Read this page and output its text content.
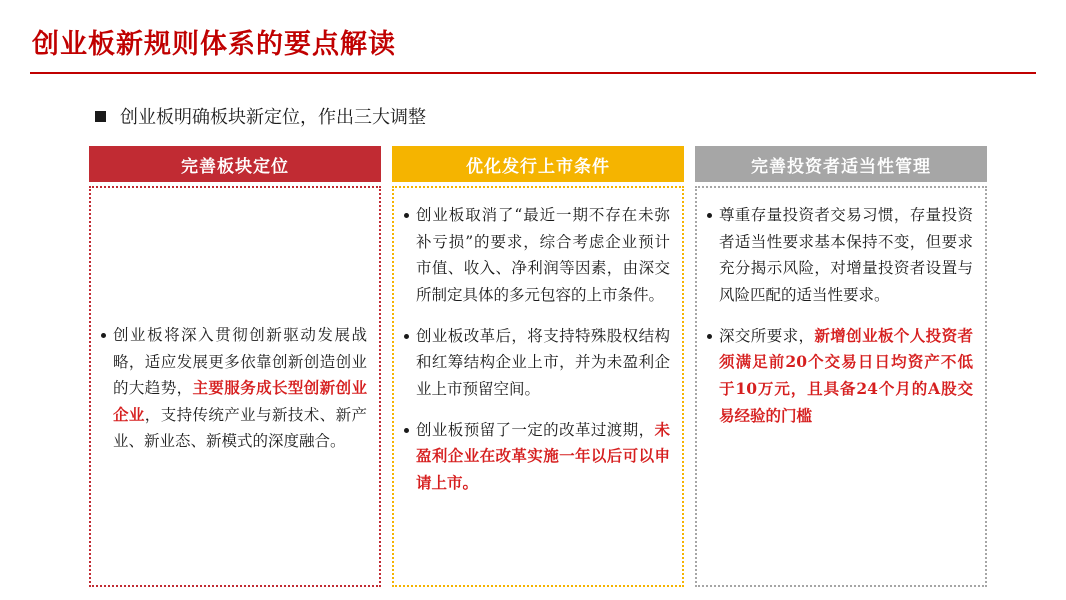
创业板新规则体系的要点解读
创业板明确板块新定位，作出三大调整
完善板块定位
创业板将深入贯彻创新驱动发展战略，适应发展更多依靠创新创造创业的大趋势，主要服务成长型创新创业企业，支持传统产业与新技术、新产业、新业态、新模式的深度融合。
优化发行上市条件
创业板取消了“最近一期不存在未弥补亏损”的要求，综合考虑企业预计市值、收入、净利润等因素，由深交所制定具体的多元包容的上市条件。
创业板改革后，将支持特殊股权结构和红筹结构企业上市，并为未盈利企业上市预留空间。
创业板预留了一定的改革过渡期，未盈利企业在改革实施一年以后可以申请上市。
完善投资者适当性管理
尊重存量投资者交易习惯，存量投资者适当性要求基本保持不变，但要求充分揭示风险，对增量投资者设置与风险匹配的适当性要求。
深交所要求，新增创业板个人投资者须满足前20个交易日日均资产不低于10万元，且具备24个月的A股交易经验的门槛
